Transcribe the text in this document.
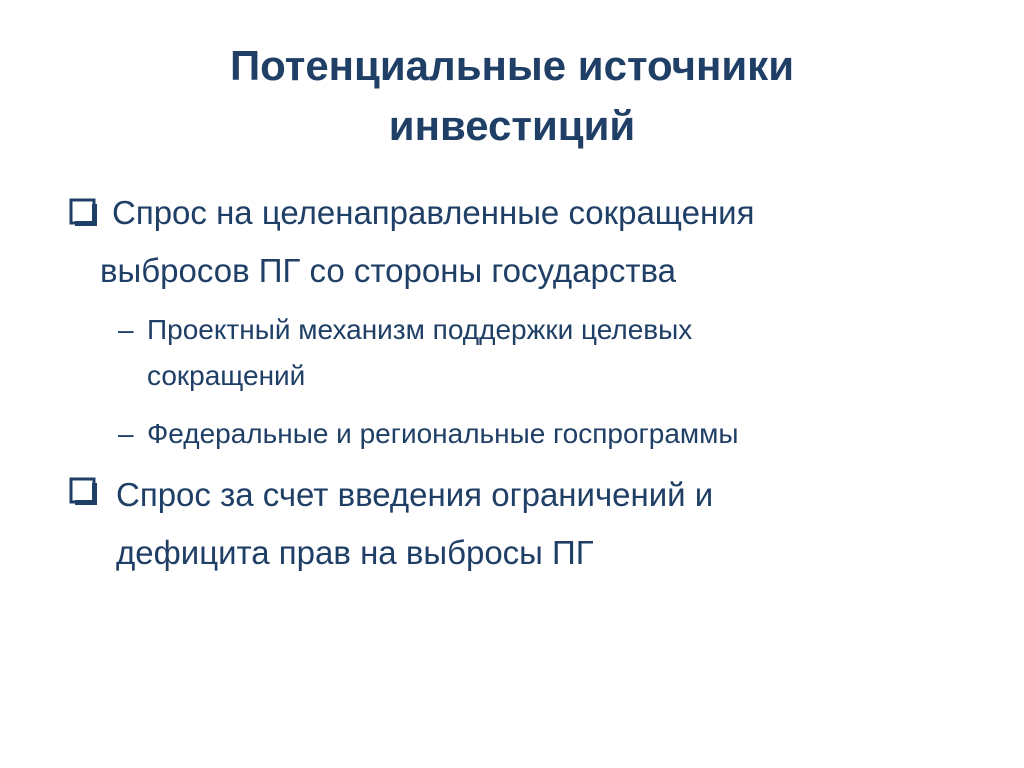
Потенциальные источники
инвестиций
Спрос на целенаправленные сокращения
выбросов ПГ со стороны государства
– Проектный механизм поддержки целевых
сокращений
– Федеральные и региональные госпрограммы
Спрос за счет введения ограничений и
дефицита прав на выбросы ПГ
